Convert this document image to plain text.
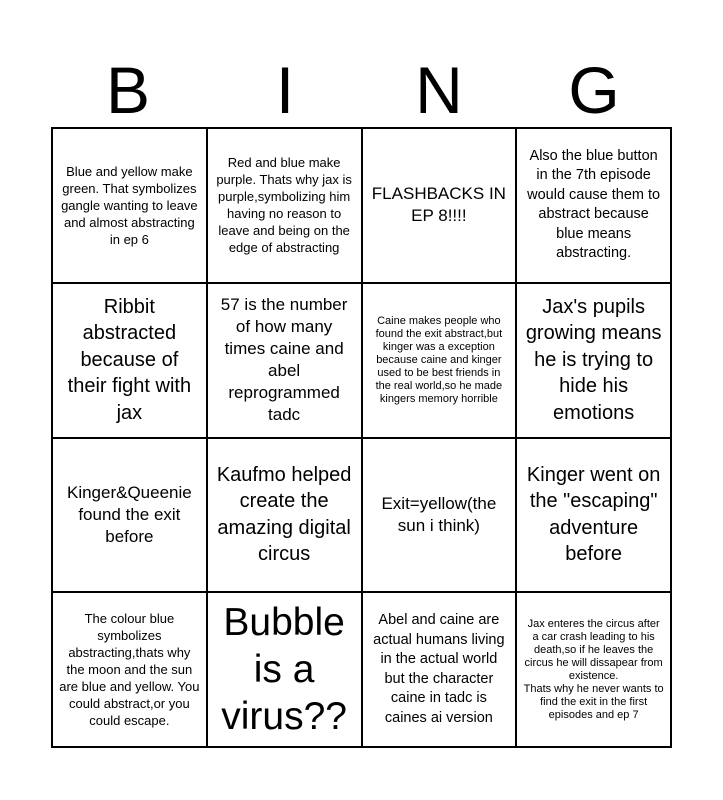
B	I	N	G
Blue and yellow make green. That symbolizes gangle wanting to leave and almost abstracting in ep 6
Red and blue make purple. Thats why jax is purple,symbolizing him having no reason to leave and being on the edge of abstracting
FLASHBACKS IN EP 8!!!!
Also the blue button in the 7th episode would cause them to abstract because blue means abstracting.
Ribbit abstracted because of their fight with jax
57 is the number of how many times caine and abel reprogrammed tadc
Caine makes people who found the exit abstract,but kinger was a exception because caine and kinger used to be best friends in the real world,so he made kingers memory horrible
Jax's pupils growing means he is trying to hide his emotions
Kinger&Queenie found the exit before
Kaufmo helped create the amazing digital circus
Exit=yellow(the sun i think)
Kinger went on the "escaping" adventure before
The colour blue symbolizes abstracting,thats why the moon and the sun are blue and yellow. You could abstract,or you could escape.
Bubble is a virus??
Abel and caine are actual humans living in the actual world but the character caine in tadc is caines ai version
Jax enteres the circus after a car crash leading to his death,so if he leaves the circus he will dissapear from existence.
Thats why he never wants to find the exit in the first episodes and ep 7
